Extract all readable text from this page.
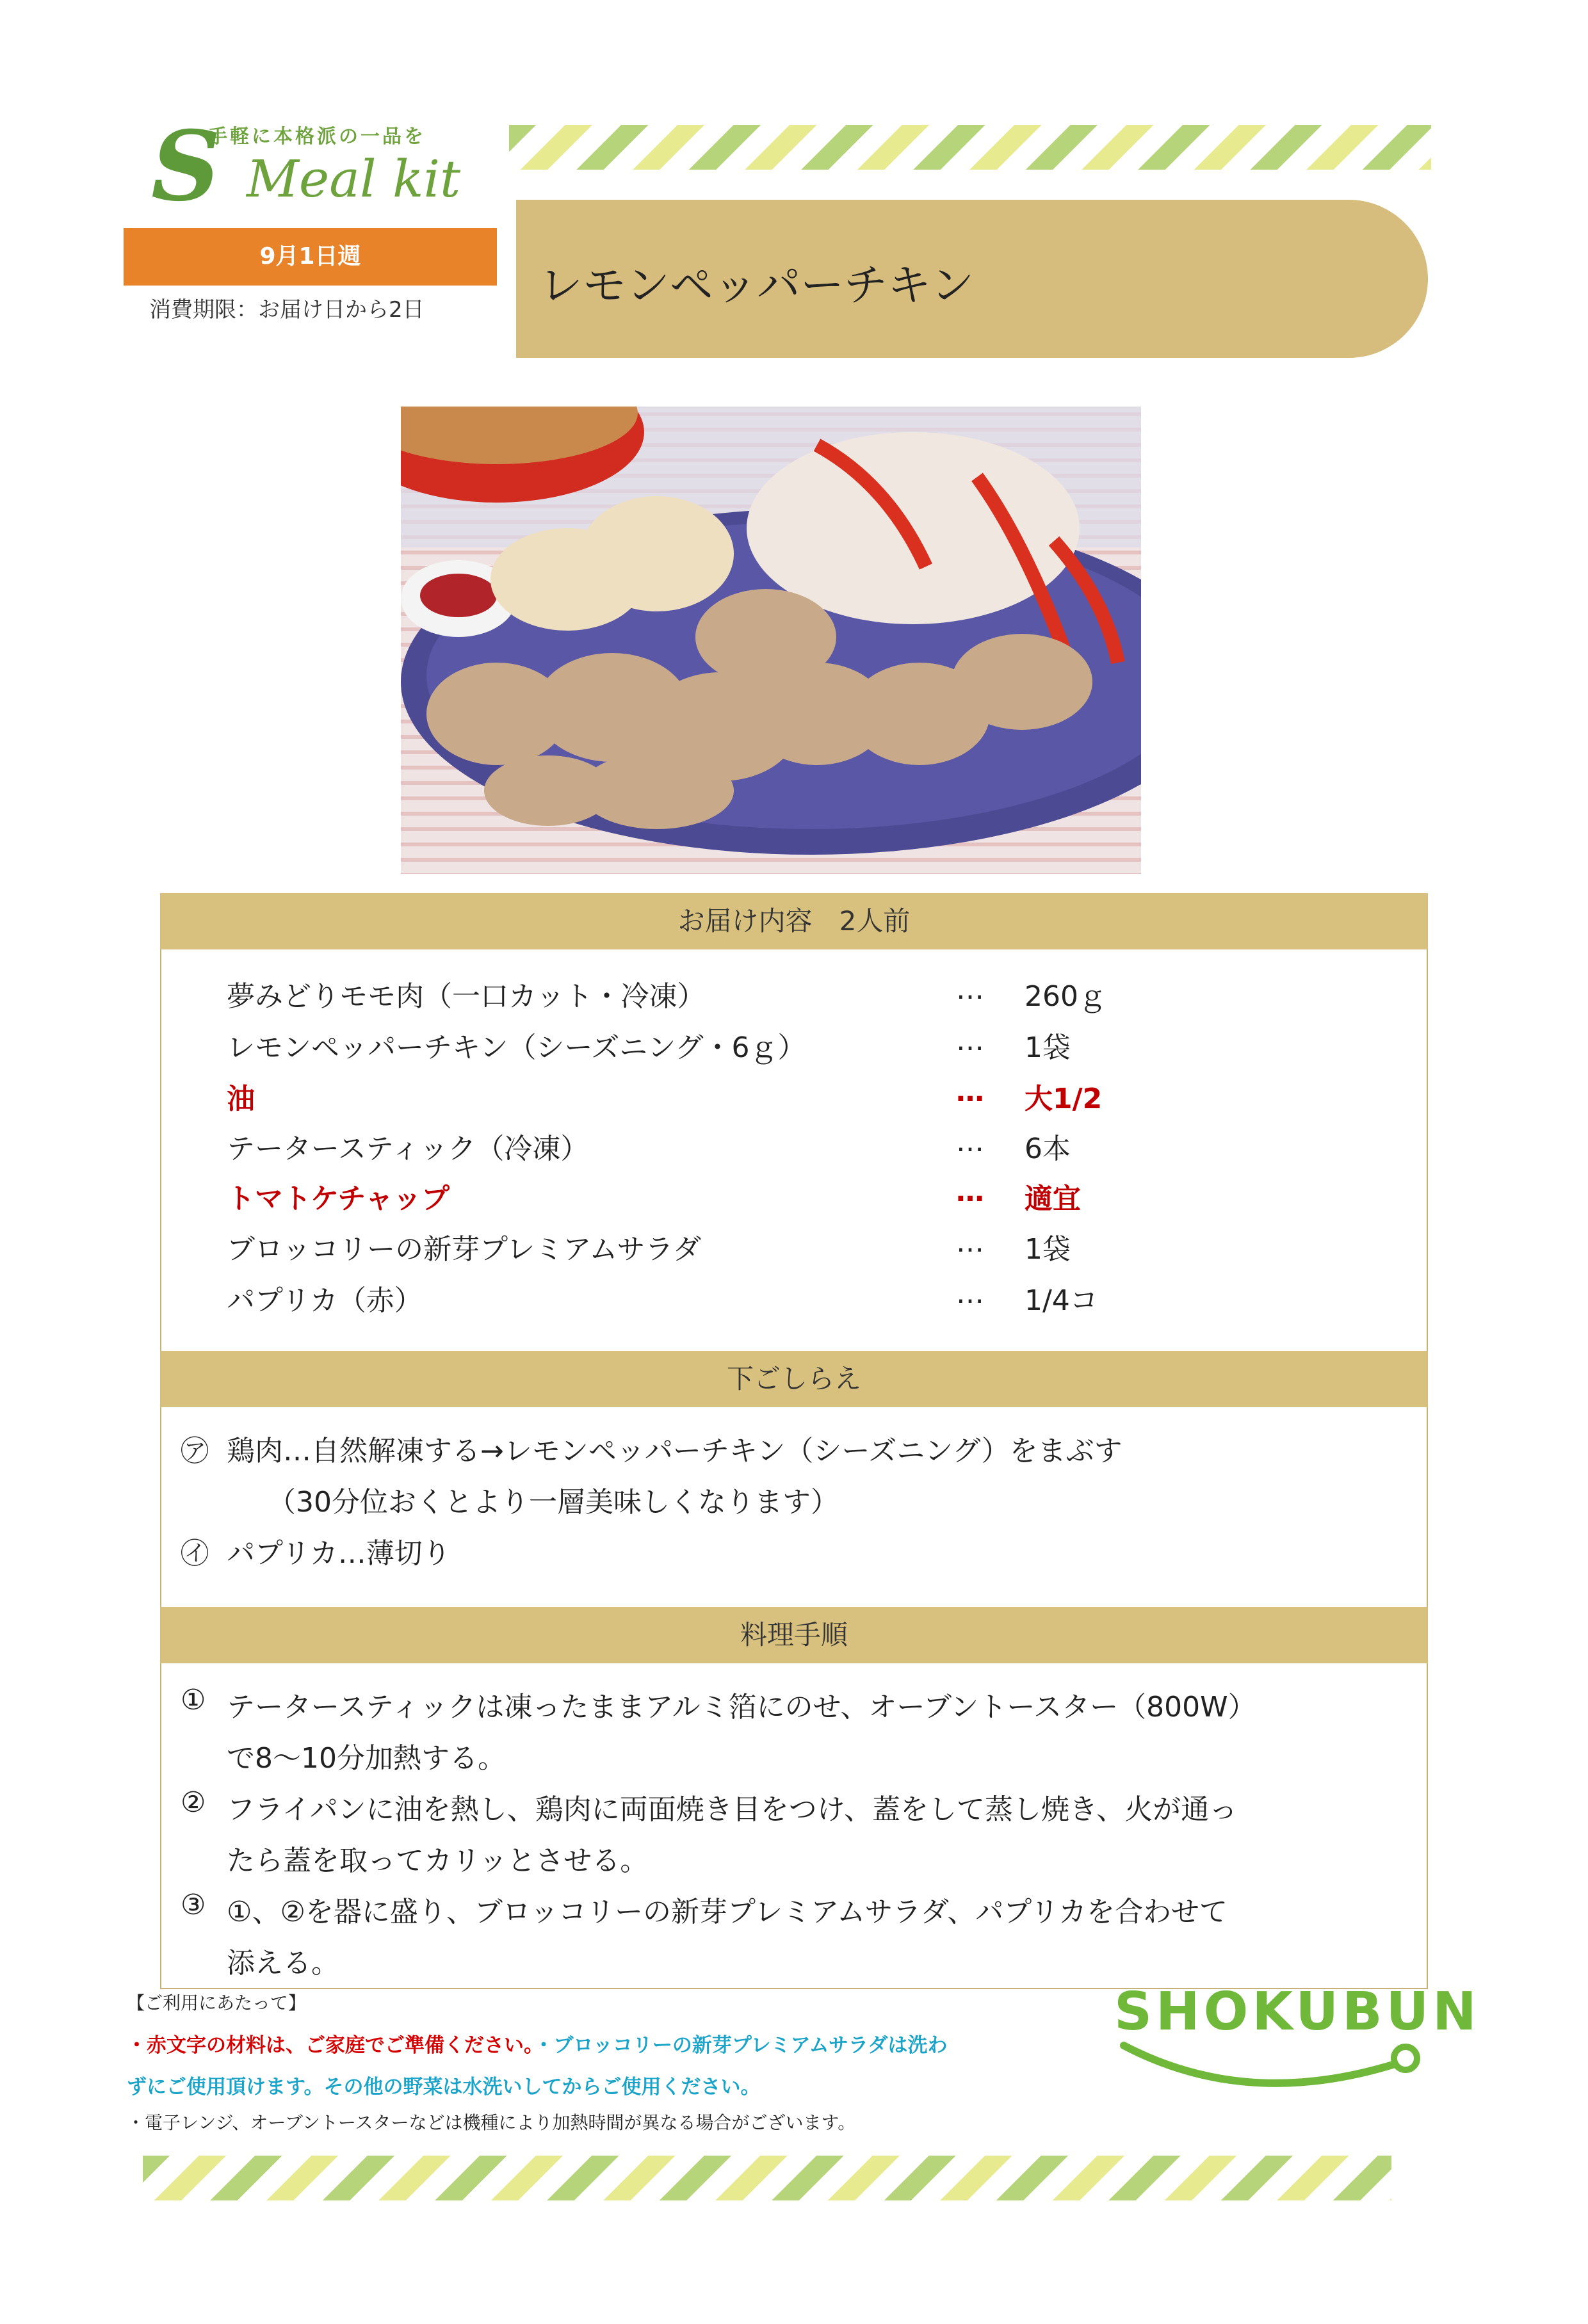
手軽に本格派の一品を
S Meal kit
9月1日週
消費期限：お届け日から2日	レモンペッパーチキン
お届け内容　2人前
夢みどりモモ肉（一口カット・冷凍）	… 260ｇ
レモンペッパーチキン（シーズニング・6ｇ）	… 1袋
油	… 大1/2
テータースティック（冷凍）	… 6本
トマトケチャップ	… 適宜
ブロッコリーの新芽プレミアムサラダ	… 1袋
パプリカ（赤）	… 1/4コ
下ごしらえ
㋐ 鶏肉…自然解凍する→レモンペッパーチキン（シーズニング）をまぶす
（30分位おくとより一層美味しくなります）
㋑ パプリカ…薄切り
料理手順
① テータースティックは凍ったままアルミ箔にのせ、オーブントースター（800W）
で8～10分加熱する。
② フライパンに油を熱し、鶏肉に両面焼き目をつけ、蓋をして蒸し焼き、火が通っ
たら蓋を取ってカリッとさせる。
③ ①、②を器に盛り、ブロッコリーの新芽プレミアムサラダ、パプリカを合わせて
添える。
【ご利用にあたって】
・赤文字の材料は、ご家庭でご準備ください。・ブロッコリーの新芽プレミアムサラダは洗わ
ずにご使用頂けます。その他の野菜は水洗いしてからご使用ください。
・電子レンジ、オーブントースターなどは機種により加熱時間が異なる場合がございます。
SHOKUBUN
